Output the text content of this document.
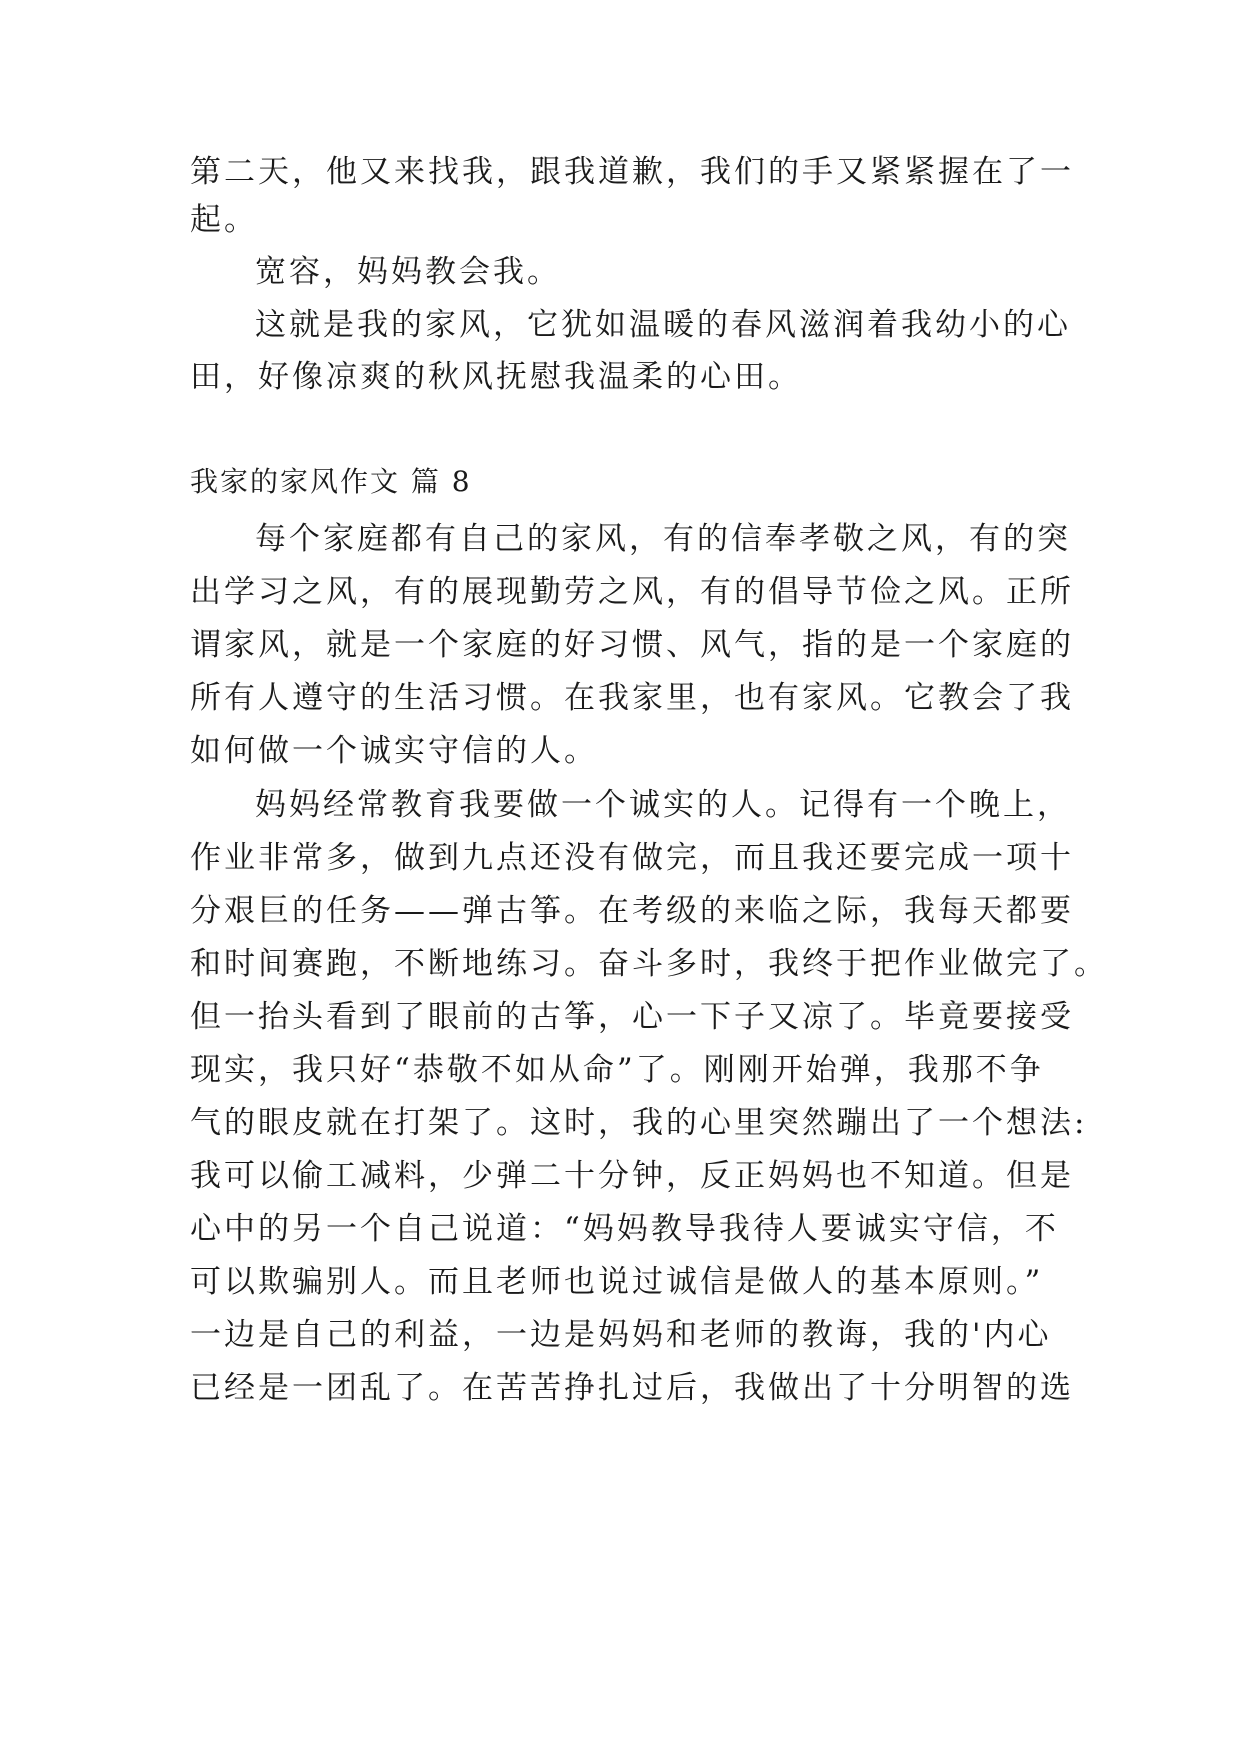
第二天，他又来找我，跟我道歉，我们的手又紧紧握在了一

起。

宽容，妈妈教会我。

这就是我的家风，它犹如温暖的春风滋润着我幼小的心

田，好像凉爽的秋风抚慰我温柔的心田。

我家的家风作文 篇 8

每个家庭都有自己的家风，有的信奉孝敬之风，有的突

出学习之风，有的展现勤劳之风，有的倡导节俭之风。正所

谓家风，就是一个家庭的好习惯、风气，指的是一个家庭的

所有人遵守的生活习惯。在我家里，也有家风。它教会了我

如何做一个诚实守信的人。

妈妈经常教育我要做一个诚实的人。记得有一个晚上，

作业非常多，做到九点还没有做完，而且我还要完成一项十

分艰巨的任务——弹古筝。在考级的来临之际，我每天都要

和时间赛跑，不断地练习。奋斗多时，我终于把作业做完了。

但一抬头看到了眼前的古筝，心一下子又凉了。毕竟要接受

现实，我只好“恭敬不如从命”了。刚刚开始弹，我那不争

气的眼皮就在打架了。这时，我的心里突然蹦出了一个想法:

我可以偷工减料，少弹二十分钟，反正妈妈也不知道。但是

心中的另一个自己说道：“妈妈教导我待人要诚实守信，不

可以欺骗别人。而且老师也说过诚信是做人的基本原则。”

一边是自己的利益，一边是妈妈和老师的教诲，我的'内心

已经是一团乱了。在苦苦挣扎过后，我做出了十分明智的选
